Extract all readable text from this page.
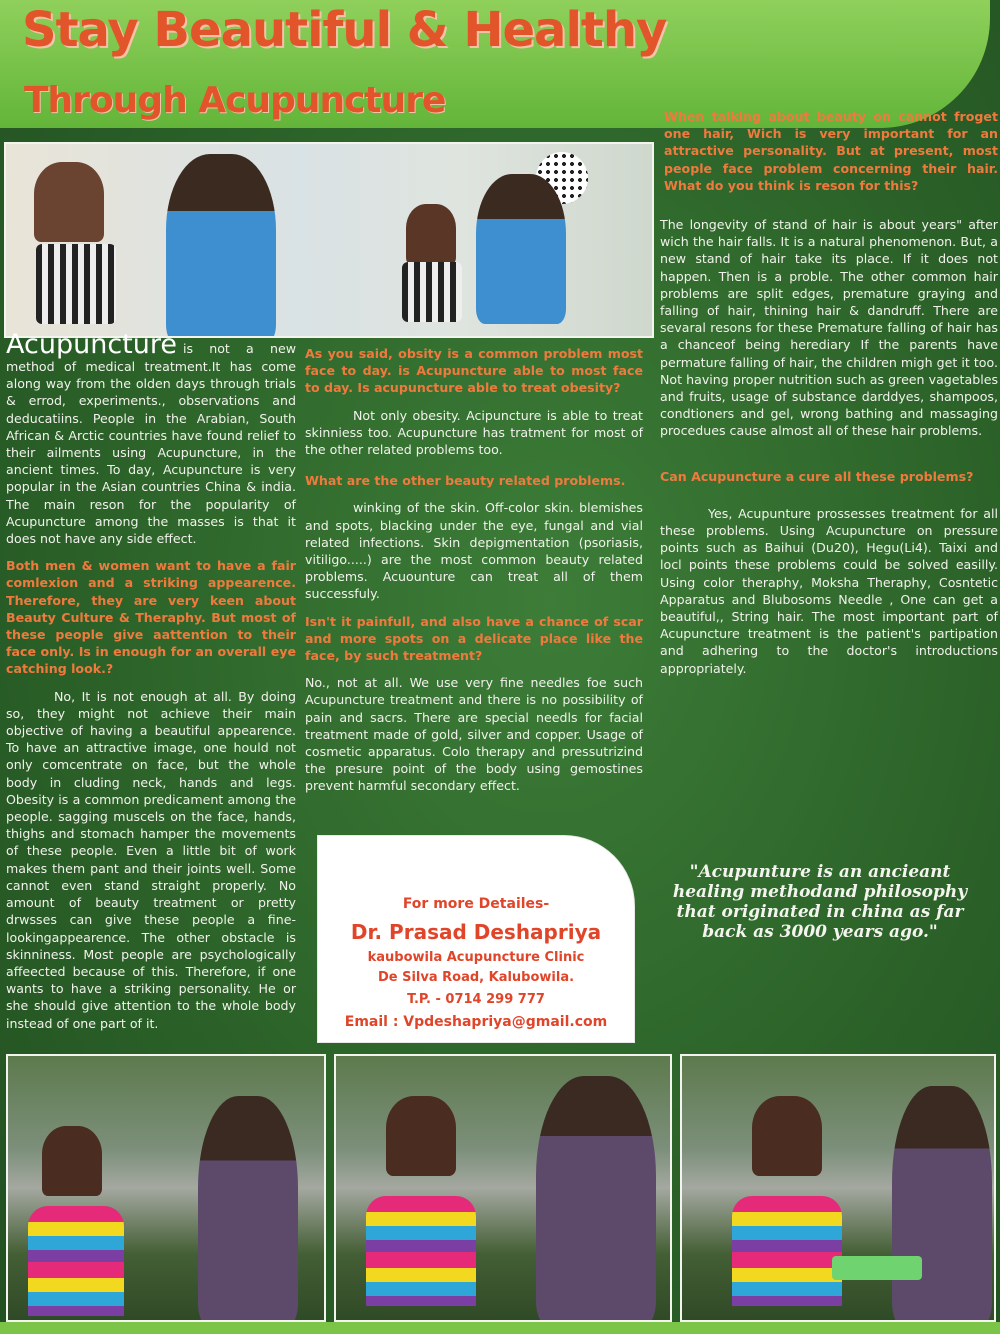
Stay Beautiful & Healthy
Through Acupuncture

Acupuncture is not a new method of medical treatment.It has come along way from the olden days through trials & errod, experiments., observations and deducatiins. People in the Arabian, South African & Arctic countries have found relief to their ailments using Acupuncture, in the ancient times. To day, Acupuncture is very popular in the Asian countries China & india. The main reson for the popularity of Acupuncture among the masses is that it does not have any side effect.

Both men & women want to have a fair comlexion and a striking appearence. Therefore, they are very keen about Beauty Culture & Theraphy. But most of these people give aattention to their face only. Is in enough for an overall eye catching look.?

No, It is not enough at all. By doing so, they might not achieve their main objective of having a beautiful appearence. To have an attractive image, one hould not only comcentrate on face, but the whole body in cluding neck, hands and legs. Obesity is a common predicament among the people. sagging muscels on the face, hands, thighs and stomach hamper the movements of these people. Even a little bit of work makes them pant and their joints well. Some cannot even stand straight properly. No amount of beauty treatment or pretty drwsses can give these people a fine-lookingappearence. The other obstacle is skinniness. Most people are psychologically affeected because of this. Therefore, if one wants to have a striking personality. He or she should give attention to the whole body instead of one part of it.

As you said, obsity is a common problem most face to day. is Acupuncture able to most face to day. Is acupuncture able to treat obesity?

Not only obesity. Acipuncture is able to treat skinniess too. Acupuncture has tratment for most of the other related problems too.

What are the other beauty related problems.

winking of the skin. Off-color skin. blemishes and spots, blacking under the eye, fungal and vial related infections. Skin depigmentation (psoriasis, vitiligo.....) are the most common beauty related problems. Acuounture can treat all of them successfuly.

Isn't it painfull, and also have a chance of scar and more spots on a delicate place like the face, by such treatment?

No., not at all. We use very fine needles foe such Acupuncture treatment and there is no possibility of pain and sacrs. There are special needls for facial treatment made of gold, silver and copper. Usage of cosmetic apparatus. Colo therapy and pressutrizind the presure point of the body using gemostines prevent harmful secondary effect.

When talking about beauty on cannot froget one hair, Wich is very important for an attractive personality. But at present, most people face problem concerning their hair. What do you think is reson for this?

The longevity of stand of hair is about years" after wich the hair falls. It is a natural phenomenon. But, a new stand of hair take its place. If it does not happen. Then is a proble. The other common hair problems are split edges, premature graying and falling of hair, thining hair & dandruff. There are sevaral resons for these Premature falling of hair has a chanceof being herediary If the parents have permature falling of hair, the children migh get it too. Not having proper nutrition such as green vagetables and fruits, usage of substance darddyes, shampoos, condtioners and gel, wrong bathing and massaging procedues cause almost all of these hair problems.

Can Acupuncture a cure all these problems?

Yes, Acupunture prossesses treatment for all these problems. Using Acupuncture on pressure points such as Baihui (Du20), Hegu(Li4). Taixi and locl points these problems could be solved easilly. Using color theraphy, Moksha Theraphy, Cosntetic Apparatus and Blubosoms Needle , One can get a beautiful,, String hair. The most important part of Acupuncture treatment is the patient's partipation and adhering to the doctor's introductions appropriately.

"Acupunture is an ancieant healing methodand philosophy that originated in china as far back as 3000 years ago."
For more Detailes-
Dr. Prasad Deshapriya
kaubowila Acupuncture Clinic
De Silva Road, Kalubowila.
T.P. - 0714 299 777
Email : Vpdeshapriya@gmail.com
